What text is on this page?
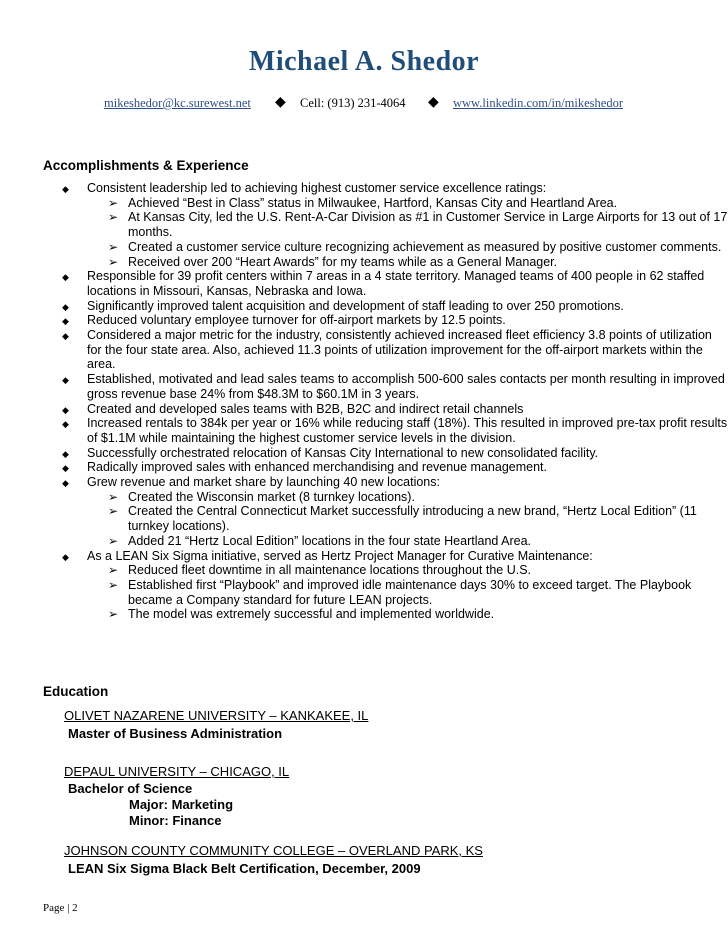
Michael A. Shedor
mikeshedor@kc.surewest.net ◆ Cell: (913) 231-4064 ◆ www.linkedin.com/in/mikeshedor
Accomplishments & Experience
◆ Consistent leadership led to achieving highest customer service excellence ratings:
➢ Achieved “Best in Class” status in Milwaukee, Hartford, Kansas City and Heartland Area.
➢ At Kansas City, led the U.S. Rent-A-Car Division as #1 in Customer Service in Large Airports for 13 out of 17 months.
➢ Created a customer service culture recognizing achievement as measured by positive customer comments.
➢ Received over 200 “Heart Awards” for my teams while as a General Manager.
◆ Responsible for 39 profit centers within 7 areas in a 4 state territory. Managed teams of 400 people in 62 staffed locations in Missouri, Kansas, Nebraska and Iowa.
◆ Significantly improved talent acquisition and development of staff leading to over 250 promotions.
◆ Reduced voluntary employee turnover for off-airport markets by 12.5 points.
◆ Considered a major metric for the industry, consistently achieved increased fleet efficiency 3.8 points of utilization for the four state area. Also, achieved 11.3 points of utilization improvement for the off-airport markets within the area.
◆ Established, motivated and lead sales teams to accomplish 500-600 sales contacts per month resulting in improved gross revenue base 24% from $48.3M to $60.1M in 3 years.
◆ Created and developed sales teams with B2B, B2C and indirect retail channels
◆ Increased rentals to 384k per year or 16% while reducing staff (18%). This resulted in improved pre-tax profit results of $1.1M while maintaining the highest customer service levels in the division.
◆ Successfully orchestrated relocation of Kansas City International to new consolidated facility.
◆ Radically improved sales with enhanced merchandising and revenue management.
◆ Grew revenue and market share by launching 40 new locations:
➢ Created the Wisconsin market (8 turnkey locations).
➢ Created the Central Connecticut Market successfully introducing a new brand, “Hertz Local Edition” (11 turnkey locations).
➢ Added 21 “Hertz Local Edition” locations in the four state Heartland Area.
◆ As a LEAN Six Sigma initiative, served as Hertz Project Manager for Curative Maintenance:
➢ Reduced fleet downtime in all maintenance locations throughout the U.S.
➢ Established first “Playbook” and improved idle maintenance days 30% to exceed target. The Playbook became a Company standard for future LEAN projects.
➢ The model was extremely successful and implemented worldwide.
Education
OLIVET NAZARENE UNIVERSITY – KANKAKEE, IL
Master of Business Administration
DEPAUL UNIVERSITY – CHICAGO, IL
Bachelor of Science
Major: Marketing
Minor: Finance
JOHNSON COUNTY COMMUNITY COLLEGE – OVERLAND PARK, KS
LEAN Six Sigma Black Belt Certification, December, 2009
Page | 2
